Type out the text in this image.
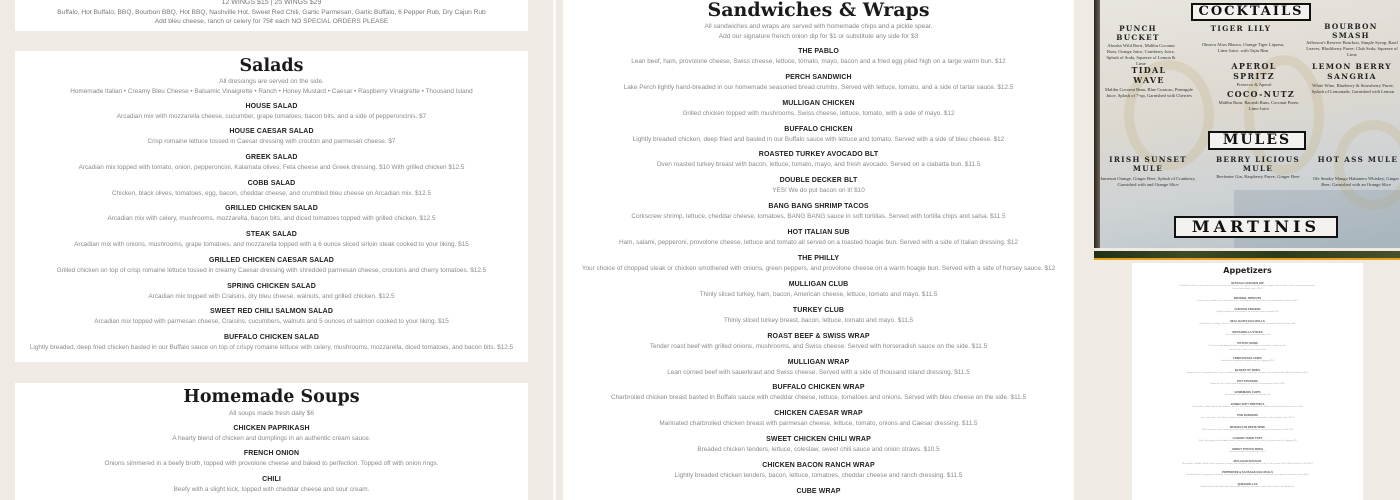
12 WINGS $15 | 25 WINGS $29
Buffalo, Hot Buffalo, BBQ, Bourbon BBQ, Hot BBQ, Nashville Hot, Sweet Red Chili, Garlic Parmesan, Garlic Buffalo, 6 Pepper Rub, Dry Cajun Rub
Add bleu cheese, ranch or celery for 75¢ each NO SPECIAL ORDERS PLEASE
Salads
All dressings are served on the side.
Homemade Italian • Creamy Bleu Cheese • Balsamic Vinaigrette • Ranch • Honey Mustard • Caesar • Raspberry Vinaigrette • Thousand Island
HOUSE SALAD
Arcadian mix with mozzarella cheese, cucumber, grape tomatoes, bacon bits, and a side of pepperoncinis. $7
HOUSE CAESAR SALAD
Crisp romaine lettuce tossed in Caesar dressing with crouton and parmesan cheese. $7
GREEK SALAD
Arcadian mix topped with tomato, onion, pepperoncini, Kalamata olives, Feta cheese and Greek dressing. $10 With grilled chicken $12.5
COBB SALAD
Chicken, black olives, tomatoes, egg, bacon, cheddar cheese, and crumbled bleu cheese on Arcadian mix. $12.5
GRILLED CHICKEN SALAD
Arcadian mix with celery, mushrooms, mozzarella, bacon bits, and diced tomatoes topped with grilled chicken. $12.5
STEAK SALAD
Arcadian mix with onions, mushrooms, grape tomatoes, and mozzarella topped with a 6 ounce sliced sirloin steak cooked to your liking. $15
GRILLED CHICKEN CAESAR SALAD
Grilled chicken on top of crisp romaine lettuce tossed in creamy Caesar dressing with shredded parmesan cheese, croutons and cherry tomatoes. $12.5
SPRING CHICKEN SALAD
Arcadian mix topped with Craisins, dry bleu cheese, walnuts, and grilled chicken. $12.5
SWEET RED CHILI SALMON SALAD
Arcadian mix topped with parmesan cheese, Craisins, cucumbers, walnuts and 5 ounces of salmon cooked to your liking. $15
BUFFALO CHICKEN SALAD
Lightly breaded, deep fried chicken basted in our Buffalo sauce on top of crispy romaine lettuce with celery, mushrooms, mozzarella, diced tomatoes, and bacon bits. $12.5
Homemade Soups
All soups made fresh daily $6
CHICKEN PAPRIKASH
A hearty blend of chicken and dumplings in an authentic cream sauce.
FRENCH ONION
Onions simmered in a beefy broth, topped with provolone cheese and baked to perfection. Topped off with onion rings.
CHILI
Beefy with a slight kick, topped with cheddar cheese and sour cream.
Sandwiches & Wraps
All sandwiches and wraps are served with homemade chips and a pickle spear.
Add our signature french onion dip for $1 or substitute any side for $3
THE PABLO
Lean beef, ham, provolone cheese, Swiss cheese, lettuce, tomato, mayo, bacon and a fried egg piled high on a large warm bun. $12
PERCH SANDWICH
Lake Perch lightly hand-breaded in our homemade seasoned bread crumbs. Served with lettuce, tomato, and a side of tartar sauce. $12.5
MULLIGAN CHICKEN
Grilled chicken topped with mushrooms, Swiss cheese, lettuce, tomato, with a side of mayo. $12
BUFFALO CHICKEN
Lightly breaded chicken, deep fried and basted in our Buffalo sauce with lettuce and tomato. Served with a side of bleu cheese. $12
ROASTED TURKEY AVOCADO BLT
Oven roasted turkey breast with bacon, lettuce, tomato, mayo, and fresh avocado. Served on a ciabatta bun. $11.5
DOUBLE DECKER BLT
YES! We do put bacon on it! $10
BANG BANG SHRIMP TACOS
Corkscrew shrimp, lettuce, cheddar cheese, tomatoes, BANG BANG sauce in soft tortillas. Served with tortilla chips and salsa. $11.5
HOT ITALIAN SUB
Ham, salami, pepperoni, provolone cheese, lettuce and tomato all served on a toasted hoagie bun. Served with a side of Italian dressing. $12
THE PHILLY
Your choice of chopped steak or chicken smothered with onions, green peppers, and provolone cheese on a warm hoagie bun. Served with a side of horsey sauce. $12
MULLIGAN CLUB
Thinly sliced turkey, ham, bacon, American cheese, lettuce, tomato and mayo. $11.5
TURKEY CLUB
Thinly sliced turkey breast, bacon, lettuce, tomato and mayo. $11.5
ROAST BEEF & SWISS WRAP
Tender roast beef with grilled onions, mushrooms, and Swiss cheese. Served with horseradish sauce on the side. $11.5
MULLIGAN WRAP
Lean corned beef with sauerkraut and Swiss cheese. Served with a side of thousand island dressing. $11.5
BUFFALO CHICKEN WRAP
Charbroiled chicken breast basted in Buffalo sauce with cheddar cheese, lettuce, tomatoes and onions. Served with bleu cheese on the side. $11.5
CHICKEN CAESAR WRAP
Marinated charbroiled chicken breast with parmesan cheese, lettuce, tomato, onions and Caesar dressing. $11.5
SWEET CHICKEN CHILI WRAP
Breaded chicken tenders, lettuce, coleslaw, sweet chili sauce and onion straws. $10.5
CHICKEN BACON RANCH WRAP
Lightly breaded chicken tenders, bacon, lettuce, tomatoes, cheddar cheese and ranch dressing. $11.5
CUBE WRAP
COCKTAILS
PUNCH BUCKET
Absolut Wild Berri, Malibu Coconut Rum, Orange Juice, Cranberry Juice, Splash of Soda, Squeeze of Lemon & Lime
TIGER LILY
Olmeca Altos Blanco, Orange Tiger Liqueur, Lime Juice, with Tajin Rim
BOURBON SMASH
Jefferson's Reserve Bourbon, Simple Syrup, Basil Leaves, Blackberry Puree, Club Soda, Squeeze of Lime
TIDAL WAVE
Malibu Coconut Rum, Blue Curacao, Pineapple Juice, Splash of 7-up, Garnished with Cherries
APEROL SPRITZ
Prosecco & Aperol
LEMON BERRY SANGRIA
White Wine, Blueberry & Strawberry Puree, Splash of Lemonade, Garnished with Lemon
COCO-NUTZ
Malibu Rum, Bacardi Rum, Coconut Puree, Lime Juice
MULES
IRISH SUNSET MULE
Jameson Orange, Ginger Beer, Splash of Cranberry, Garnished with and Orange Slice
BERRY LICIOUS MULE
Beefeater Gin, Raspberry Puree, Ginger Beer
HOT ASS MULE
Ole Smoky Mango Habanero Whiskey, Ginger Beer, Garnished with an Orange Slice
MARTINIS
Appetizers
BUFFALO CHICKEN DIP
Shredded chicken, mozzarella and cream cheese infused with our signature Buffalo sauce, topped with cheddar cheese and diced tomatoes.
Served with tortilla chips. $10.5
BRUSSEL SPROUTS
Fried crispy, tossed in our sweet chili sauce and topped with bacon bits and crumbled bleu cheese. $8.5
CHICKEN FINGERS
Lightly breaded chicken tenders served with honey mustard. $11
MULLIGAN'S EGG ROLLS
Corned beef, cabbage, Swiss, and sauerkraut rolled and served with thousand island dressing. $9.5
MOZZARELLA STICKS
Served with our signature marinara sauce. $9
POTATO SKINS
Our homemade baked potatoes topped with cheddar, mozzarella, and bacon bits.
Served with a side of sour cream. $10
FRIED PICKLE CHIPS
Served with homemade chipotle ranch for dipping. $8.5
BASKET OF FRIES
Hand-cut fries - enough for two! Cajun or salted garlic pepper seasoning available upon request. $6.5 Add Dr. Parmesan $1.5
POT STICKERS
Steamed, pan seared pork dumplings served with Ponzu dipping sauce. $8.5
HOMEMADE CHIPS
Served with our signature French onion dip. $6
JUMBO SOFT PRETZELS
Two jumbo, salted soft pretzels baked to lay nice and warm. Served with stadium mustard and cheese sauce. $9.5
PUB BURGERS
Four mini sliders with Swiss cheese and sauteed onions served with a side of pickle chips. $10.5
MUSSELS IN WHITE WINE
Black mussels, garlic butter, dry white wine, sliced tomatoes and served with garlic bread. $12
LOADED TATER TOTS
Tater Tots topped with cheddar cheese, bacon and served with a side of chipotle ranch for dipping. $9
SWEET POTATO FRIES
Seasoned with cinnamon sugar. $6.5
MULLIGAN NACHOS
Mozzarella, cheddar, black olives, tomatoes, onions, and jalapeños. Served with a side of sour cream. $11.5 With chicken or chili $13.5
PEPPERONI & SAUSAGE EGG ROLLS
A combination of pepperoni, sausage, and mozzarella cheese hand rolled and served with our signature marinara sauce. $9.5
QUESADILLAS
Grilled whole tortilla filled with mozzarella, cheddar, tomatoes, onions, black olives, and jalapeños.
